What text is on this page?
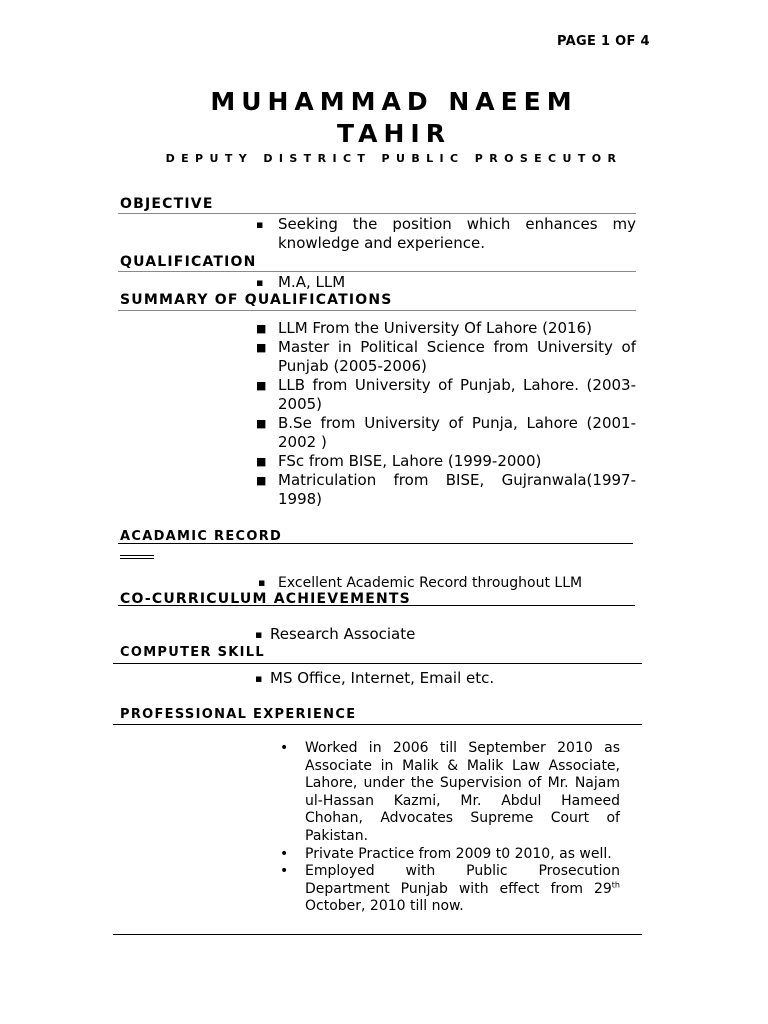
PAGE 1 OF 4
MUHAMMAD NAEEM
TAHIR
DEPUTY DISTRICT PUBLIC PROSECUTOR
OBJECTIVE
▪ Seeking the position which enhances my knowledge and experience.
QUALIFICATION
▪ M.A, LLM
SUMMARY OF QUALIFICATIONS
■ LLM From the University Of Lahore (2016)
■ Master in Political Science from University of Punjab (2005-2006)
■ LLB from University of Punjab, Lahore. (2003-2005)
■ B.Se from University of Punja, Lahore (2001-2002 )
■ FSc from BISE, Lahore (1999-2000)
■ Matriculation from BISE, Gujranwala(1997-1998)
ACADAMIC RECORD
▪ Excellent Academic Record throughout LLM
CO-CURRICULUM ACHIEVEMENTS
▪ Research Associate
COMPUTER SKILL
▪ MS Office, Internet, Email etc.
PROFESSIONAL EXPERIENCE
• Worked in 2006 till September 2010 as Associate in Malik & Malik Law Associate, Lahore, under the Supervision of Mr. Najam ul-Hassan Kazmi, Mr. Abdul Hameed Chohan, Advocates Supreme Court of Pakistan.
• Private Practice from 2009 t0 2010, as well.
• Employed with Public Prosecution Department Punjab with effect from 29th October, 2010 till now.
